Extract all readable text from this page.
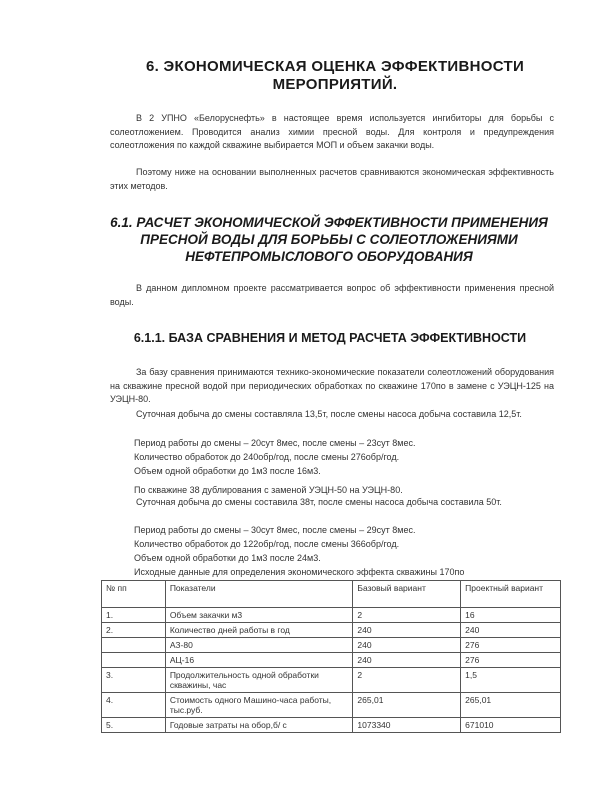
6. ЭКОНОМИЧЕСКАЯ ОЦЕНКА ЭФФЕКТИВНОСТИ
МЕРОПРИЯТИЙ.
В 2 УПНО «Белоруснефть» в настоящее время используется ингибиторы для борьбы с солеотложением. Проводится анализ химии пресной воды. Для контроля и предупреждения солеотложения по каждой скважине выбирается МОП и объем закачки воды.
Поэтому ниже на основании выполненных расчетов сравниваются экономическая эффективность этих методов.
6.1. РАСЧЕТ ЭКОНОМИЧЕСКОЙ ЭФФЕКТИВНОСТИ ПРИМЕНЕНИЯ
ПРЕСНОЙ ВОДЫ ДЛЯ БОРЬБЫ С СОЛЕОТЛОЖЕНИЯМИ
НЕФТЕПРОМЫСЛОВОГО ОБОРУДОВАНИЯ
В данном дипломном проекте рассматривается вопрос об эффективности применения пресной воды.
6.1.1. БАЗА СРАВНЕНИЯ И МЕТОД РАСЧЕТА ЭФФЕКТИВНОСТИ
За базу сравнения принимаются технико-экономические показатели солеотложений оборудования на скважине пресной водой при периодических обработках по скважине 170по в замене с УЭЦН-125 на УЭЦН-80.
Суточная добыча до смены составляла 13,5т, после смены насоса добыча составила 12,5т.
Период работы до смены – 20сут 8мес, после смены – 23сут 8мес.
Количество обработок до 240обр/год, после смены 276обр/год.
Объем одной обработки до 1м3 после 16м3.
По скважине 38 дублирования с заменой УЭЦН-50 на УЭЦН-80.
Суточная добыча до смены составила 38т, после смены насоса добыча составила 50т.
Период работы до смены – 30сут 8мес, после смены – 29сут 8мес.
Количество обработок до 122обр/год, после смены 366обр/год.
Объем одной обработки до 1м3 после 24м3.
Исходные данные для определения экономического эффекта скважины 170по
№ пп	Показатели	Базовый вариант	Проектный вариант
1.	Объем закачки м3	2	16
2.	Количество дней работы в год	240	240
	АЗ-80	240	276
	АЦ-16	240	276
3.	Продолжительность одной обработки скважины, час	2	1,5
4.	Стоимость одного Машино-часа работы, тыс.руб.	265,01	265,01
5.	Годовые затраты на обор,б/ с	1073340	671010
